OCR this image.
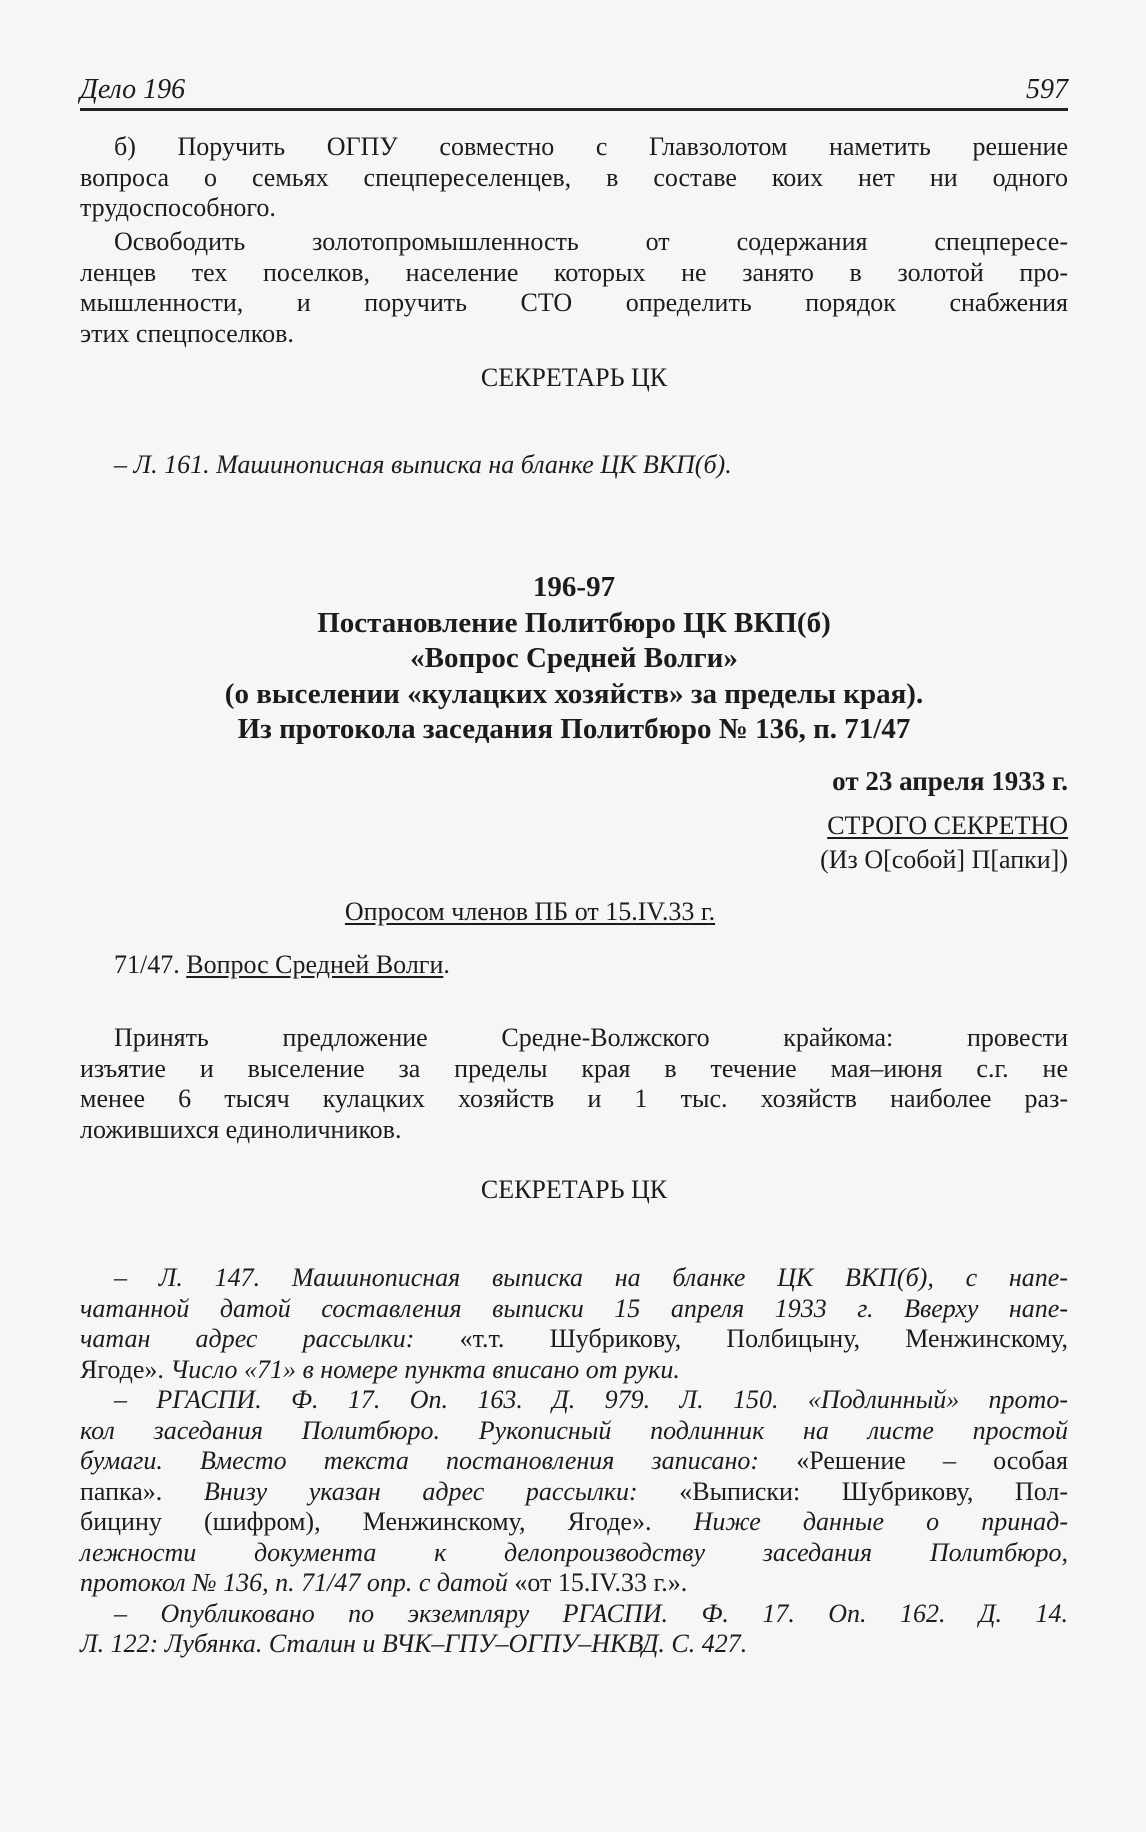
Дело 196	597
б) Поручить ОГПУ совместно с Главзолотом наметить решение
вопроса о семьях спецпереселенцев, в составе коих нет ни одного
трудоспособного.
Освободить золотопромышленность от содержания спецпересе-
ленцев тех поселков, население которых не занято в золотой про-
мышленности, и поручить СТО определить порядок снабжения
этих спецпоселков.
СЕКРЕТАРЬ ЦК
– Л. 161. Машинописная выписка на бланке ЦК ВКП(б).
196-97
Постановление Политбюро ЦК ВКП(б)
«Вопрос Средней Волги»
(о выселении «кулацких хозяйств» за пределы края).
Из протокола заседания Политбюро № 136, п. 71/47
от 23 апреля 1933 г.
СТРОГО СЕКРЕТНО
(Из О[собой] П[апки])
Опросом членов ПБ от 15.IV.33 г.
71/47. Вопрос Средней Волги.
Принять предложение Средне-Волжского крайкома: провести
изъятие и выселение за пределы края в течение мая–июня с.г. не
менее 6 тысяч кулацких хозяйств и 1 тыс. хозяйств наиболее раз-
ложившихся единоличников.
СЕКРЕТАРЬ ЦК
– Л. 147. Машинописная выписка на бланке ЦК ВКП(б), с напе-
чатанной датой составления выписки 15 апреля 1933 г. Вверху напе-
чатан адрес рассылки: «т.т. Шубрикову, Полбицыну, Менжинскому,
Ягоде». Число «71» в номере пункта вписано от руки.
– РГАСПИ. Ф. 17. Оп. 163. Д. 979. Л. 150. «Подлинный» прото-
кол заседания Политбюро. Рукописный подлинник на листе простой
бумаги. Вместо текста постановления записано: «Решение – особая
папка». Внизу указан адрес рассылки: «Выписки: Шубрикову, Пол-
бицину (шифром), Менжинскому, Ягоде». Ниже данные о принад-
лежности документа к делопроизводству заседания Политбюро,
протокол № 136, п. 71/47 опр. с датой «от 15.IV.33 г.».
– Опубликовано по экземпляру РГАСПИ. Ф. 17. Оп. 162. Д. 14.
Л. 122: Лубянка. Сталин и ВЧК–ГПУ–ОГПУ–НКВД. С. 427.
